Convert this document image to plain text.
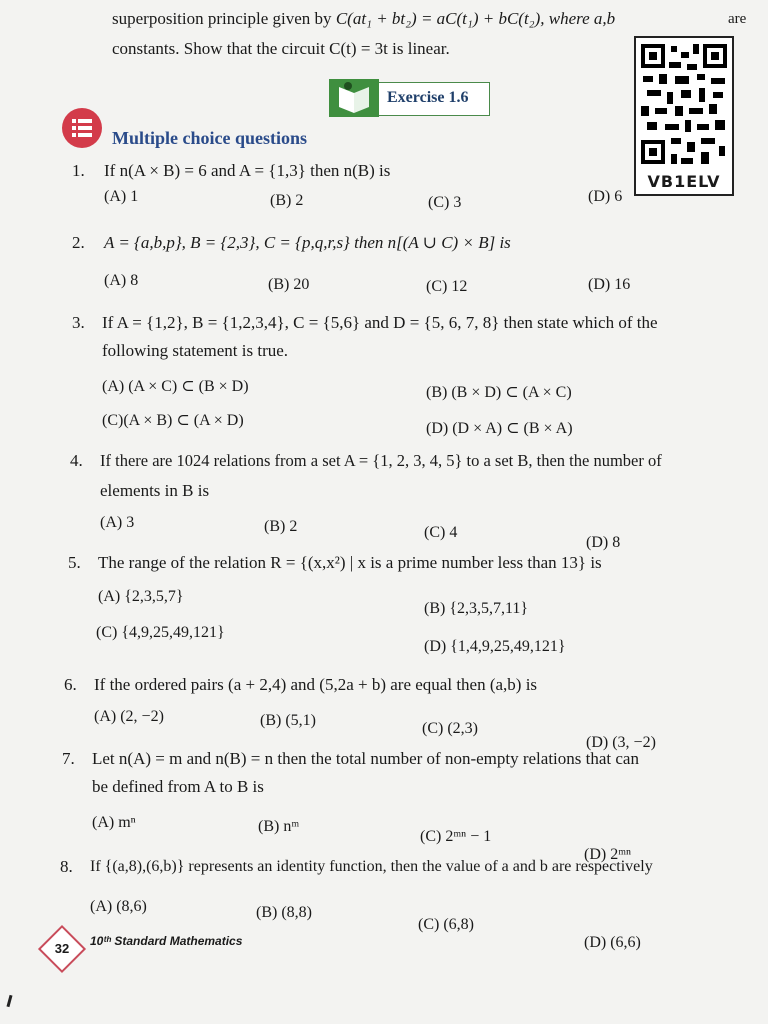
superposition principle given by C(at₁ + bt₂) = aC(t₁) + bC(t₂), where a,b	are
constants. Show that the circuit C(t) = 3t is linear.
VB1ELV
Exercise 1.6
Multiple choice questions
1. If n(A × B) = 6 and A = {1,3} then n(B) is
(A) 1	(B) 2	(C) 3	(D) 6
2. A = {a,b,p}, B = {2,3}, C = {p,q,r,s} then n[(A ∪ C) × B] is
(A) 8	(B) 20	(C) 12	(D) 16
3. If A = {1,2}, B = {1,2,3,4}, C = {5,6} and D = {5, 6, 7, 8} then state which of the
following statement is true.
(A) (A × C) ⊂ (B × D)	(B) (B × D) ⊂ (A × C)
(C)(A × B) ⊂ (A × D)	(D) (D × A) ⊂ (B × A)
4. If there are 1024 relations from a set A = {1, 2, 3, 4, 5} to a set B, then the number of
elements in B is
(A) 3	(B) 2	(C) 4
(D) 8
5. The range of the relation R = {(x,x²) | x is a prime number less than 13} is
(A) {2,3,5,7}
(B) {2,3,5,7,11}
(C) {4,9,25,49,121}
(D) {1,4,9,25,49,121}
6. If the ordered pairs (a + 2,4) and (5,2a + b) are equal then (a,b) is
(A) (2, −2)	(B) (5,1)	(C) (2,3)
(D) (3, −2)
7. Let n(A) = m and n(B) = n then the total number of non-empty relations that can
be defined from A to B is
(A) mⁿ	(B) nᵐ
(C) 2ᵐⁿ − 1
(D) 2ᵐⁿ
8. If {(a,8),(6,b)} represents an identity function, then the value of a and b are respectively
(A) (8,6)	(B) (8,8)
(C) (6,8)
(D) (6,6)
32	10ᵗʰ Standard Mathematics
